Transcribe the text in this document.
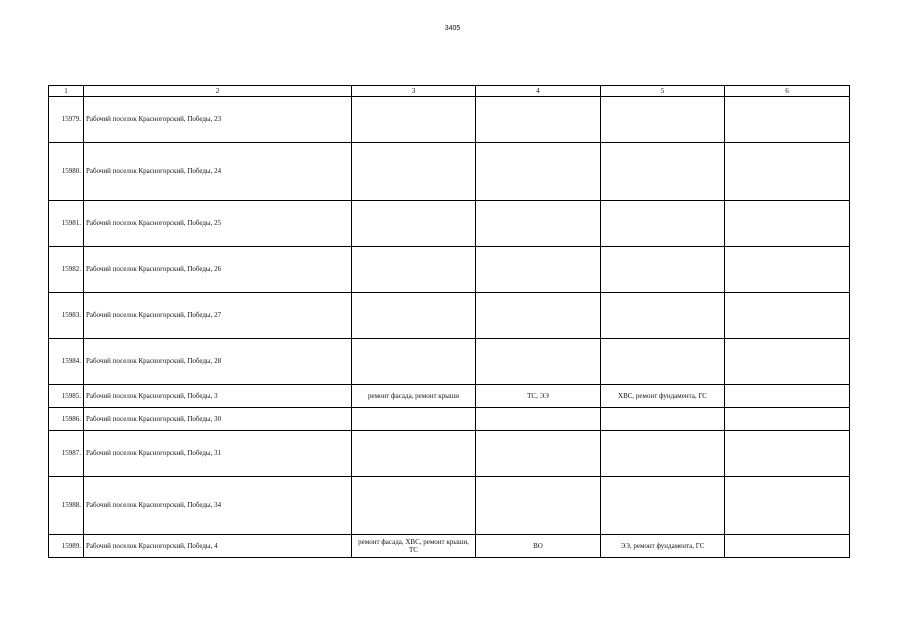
3405
1	2	3	4	5	6
15979.	Рабочий поселок Красногорский, Победы, 23				
15980.	Рабочий поселок Красногорский, Победы, 24				
15981.	Рабочий поселок Красногорский, Победы, 25				
15982.	Рабочий поселок Красногорский, Победы, 26				
15983.	Рабочий поселок Красногорский, Победы, 27				
15984.	Рабочий поселок Красногорский, Победы, 28				
15985.	Рабочий поселок Красногорский, Победы, 3	ремонт фасада, ремонт крыши	ТС, ЭЭ	ХВС, ремонт фундамента, ГС	
15986.	Рабочий поселок Красногорский, Победы, 30				
15987.	Рабочий поселок Красногорский, Победы, 31				
15988.	Рабочий поселок Красногорский, Победы, 34				
15989.	Рабочий поселок Красногорский, Победы, 4	ремонт фасада, ХВС, ремонт крыши, ТС	ВО	ЭЭ, ремонт фундамента, ГС	
